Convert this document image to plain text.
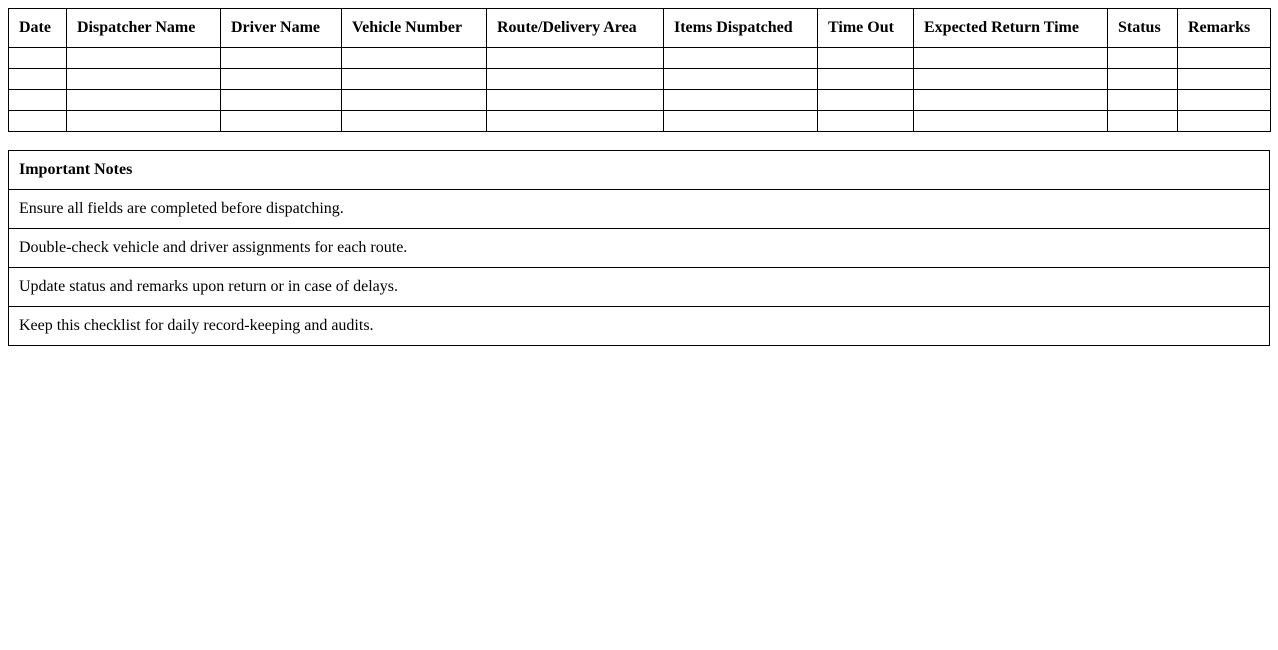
Date	Dispatcher Name	Driver Name	Vehicle Number	Route/Delivery Area	Items Dispatched	Time Out	Expected Return Time	Status	Remarks

Important Notes
Ensure all fields are completed before dispatching.
Double-check vehicle and driver assignments for each route.
Update status and remarks upon return or in case of delays.
Keep this checklist for daily record-keeping and audits.
